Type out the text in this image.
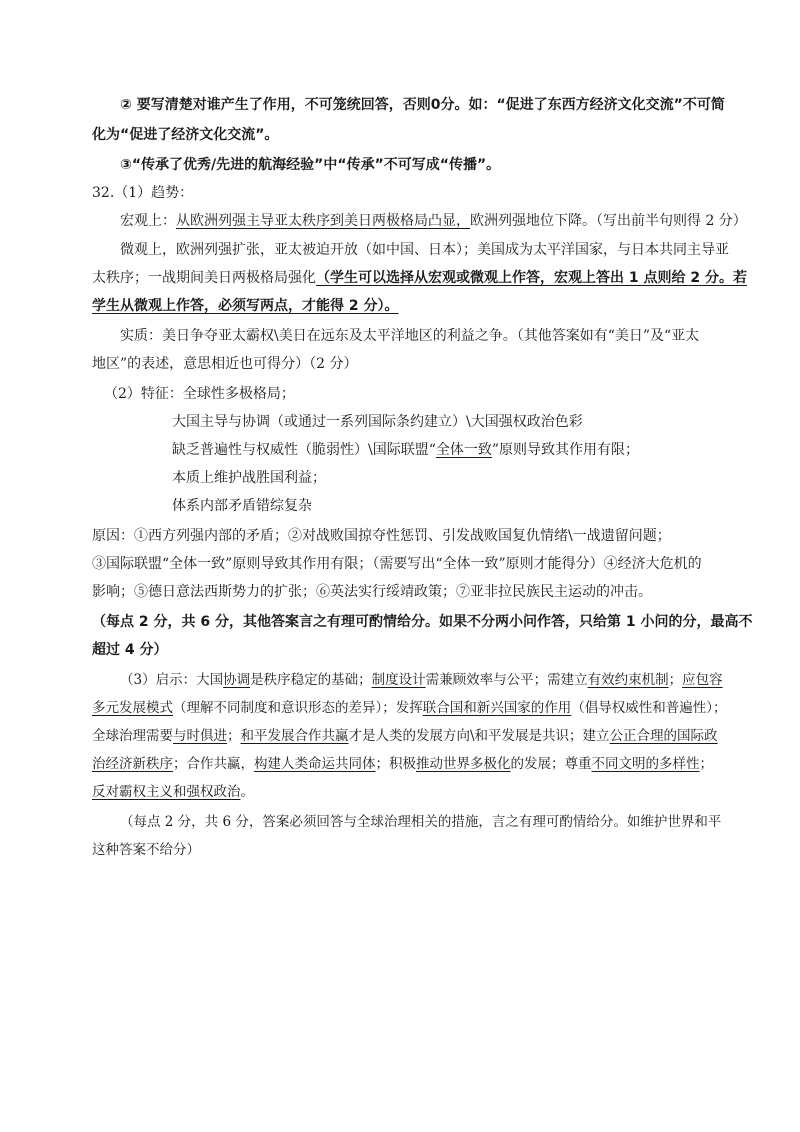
② 要写清楚对谁产生了作用，不可笼统回答，否则0分。如：“促进了东西方经济文化交流”不可简
化为“促进了经济文化交流”。
③“传承了优秀/先进的航海经验”中“传承”不可写成“传播”。
32.（1）趋势：
宏观上：从欧洲列强主导亚太秩序到美日两极格局凸显，欧洲列强地位下降。（写出前半句则得 2 分）
微观上，欧洲列强扩张，亚太被迫开放（如中国、日本）；美国成为太平洋国家，与日本共同主导亚
太秩序；一战期间美日两极格局强化（学生可以选择从宏观或微观上作答，宏观上答出 1 点则给 2 分。若
学生从微观上作答，必须写两点，才能得 2 分）。
实质：美日争夺亚太霸权\美日在远东及太平洋地区的利益之争。（其他答案如有“美日”及“亚太
地区”的表述，意思相近也可得分）（2 分）
（2）特征：全球性多极格局；
大国主导与协调（或通过一系列国际条约建立）\大国强权政治色彩
缺乏普遍性与权威性（脆弱性）\国际联盟“全体一致”原则导致其作用有限；
本质上维护战胜国利益；
体系内部矛盾错综复杂
原因：①西方列强内部的矛盾；②对战败国掠夺性惩罚、引发战败国复仇情绪\一战遗留问题；
③国际联盟“全体一致”原则导致其作用有限；（需要写出“全体一致”原则才能得分）④经济大危机的
影响；⑤德日意法西斯势力的扩张；⑥英法实行绥靖政策；⑦亚非拉民族民主运动的冲击。
（每点 2 分，共 6 分，其他答案言之有理可酌情给分。如果不分两小问作答，只给第 1 小问的分，最高不
超过 4 分）
（3）启示：大国协调是秩序稳定的基础；制度设计需兼顾效率与公平；需建立有效约束机制；应包容
多元发展模式（理解不同制度和意识形态的差异）；发挥联合国和新兴国家的作用（倡导权威性和普遍性）；
全球治理需要与时俱进；和平发展合作共赢才是人类的发展方向\和平发展是共识；建立公正合理的国际政
治经济新秩序；合作共赢，构建人类命运共同体；积极推动世界多极化的发展；尊重不同文明的多样性；
反对霸权主义和强权政治。
（每点 2 分，共 6 分，答案必须回答与全球治理相关的措施，言之有理可酌情给分。如维护世界和平
这种答案不给分）
